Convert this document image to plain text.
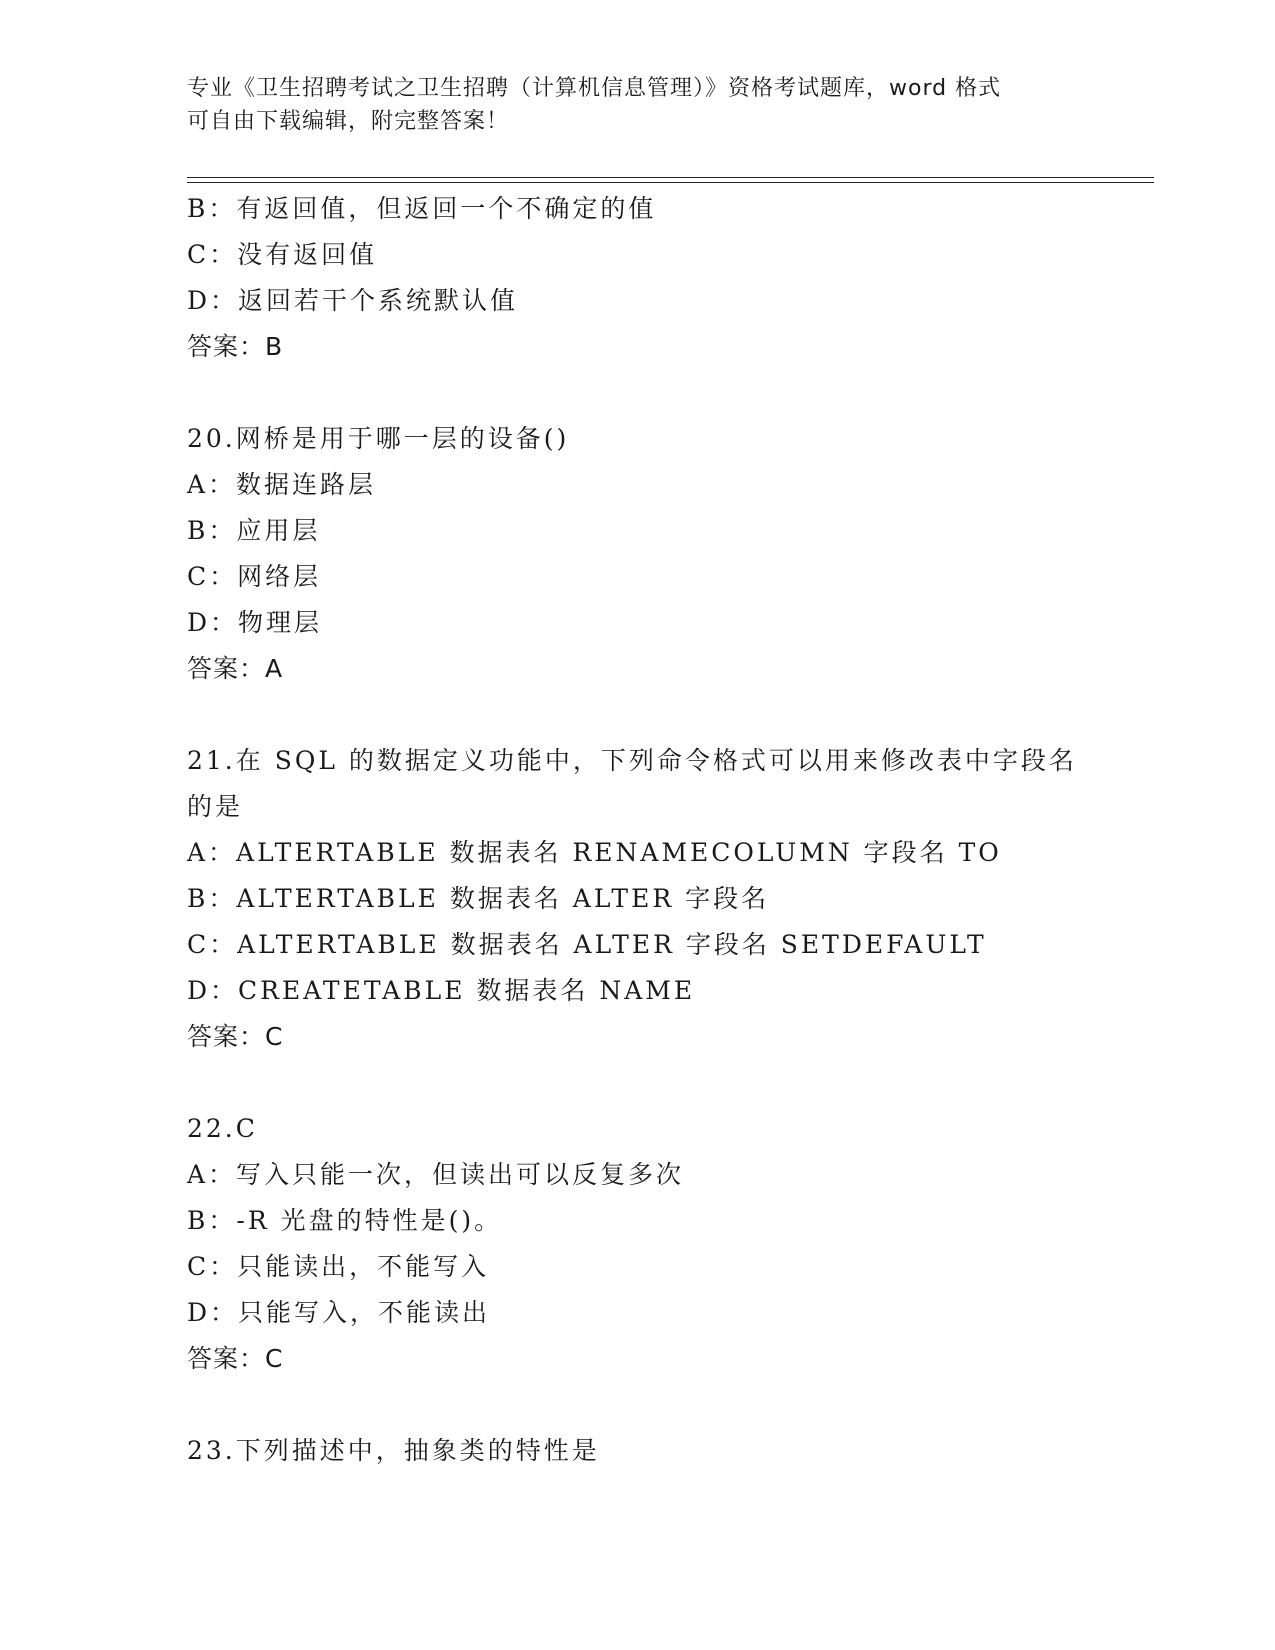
专业《卫生招聘考试之卫生招聘（计算机信息管理）》资格考试题库，word 格式
可自由下载编辑，附完整答案！
B：有返回值，但返回一个不确定的值
C：没有返回值
D：返回若干个系统默认值
答案：B
20.网桥是用于哪一层的设备()
A：数据连路层
B：应用层
C：网络层
D：物理层
答案：A
21.在 SQL 的数据定义功能中，下列命令格式可以用来修改表中字段名
的是
A：ALTERTABLE 数据表名 RENAMECOLUMN 字段名 TO
B：ALTERTABLE 数据表名 ALTER 字段名
C：ALTERTABLE 数据表名 ALTER 字段名 SETDEFAULT
D：CREATETABLE 数据表名 NAME
答案：C
22.C
A：写入只能一次，但读出可以反复多次
B：-R 光盘的特性是()。
C：只能读出，不能写入
D：只能写入，不能读出
答案：C
23.下列描述中，抽象类的特性是
